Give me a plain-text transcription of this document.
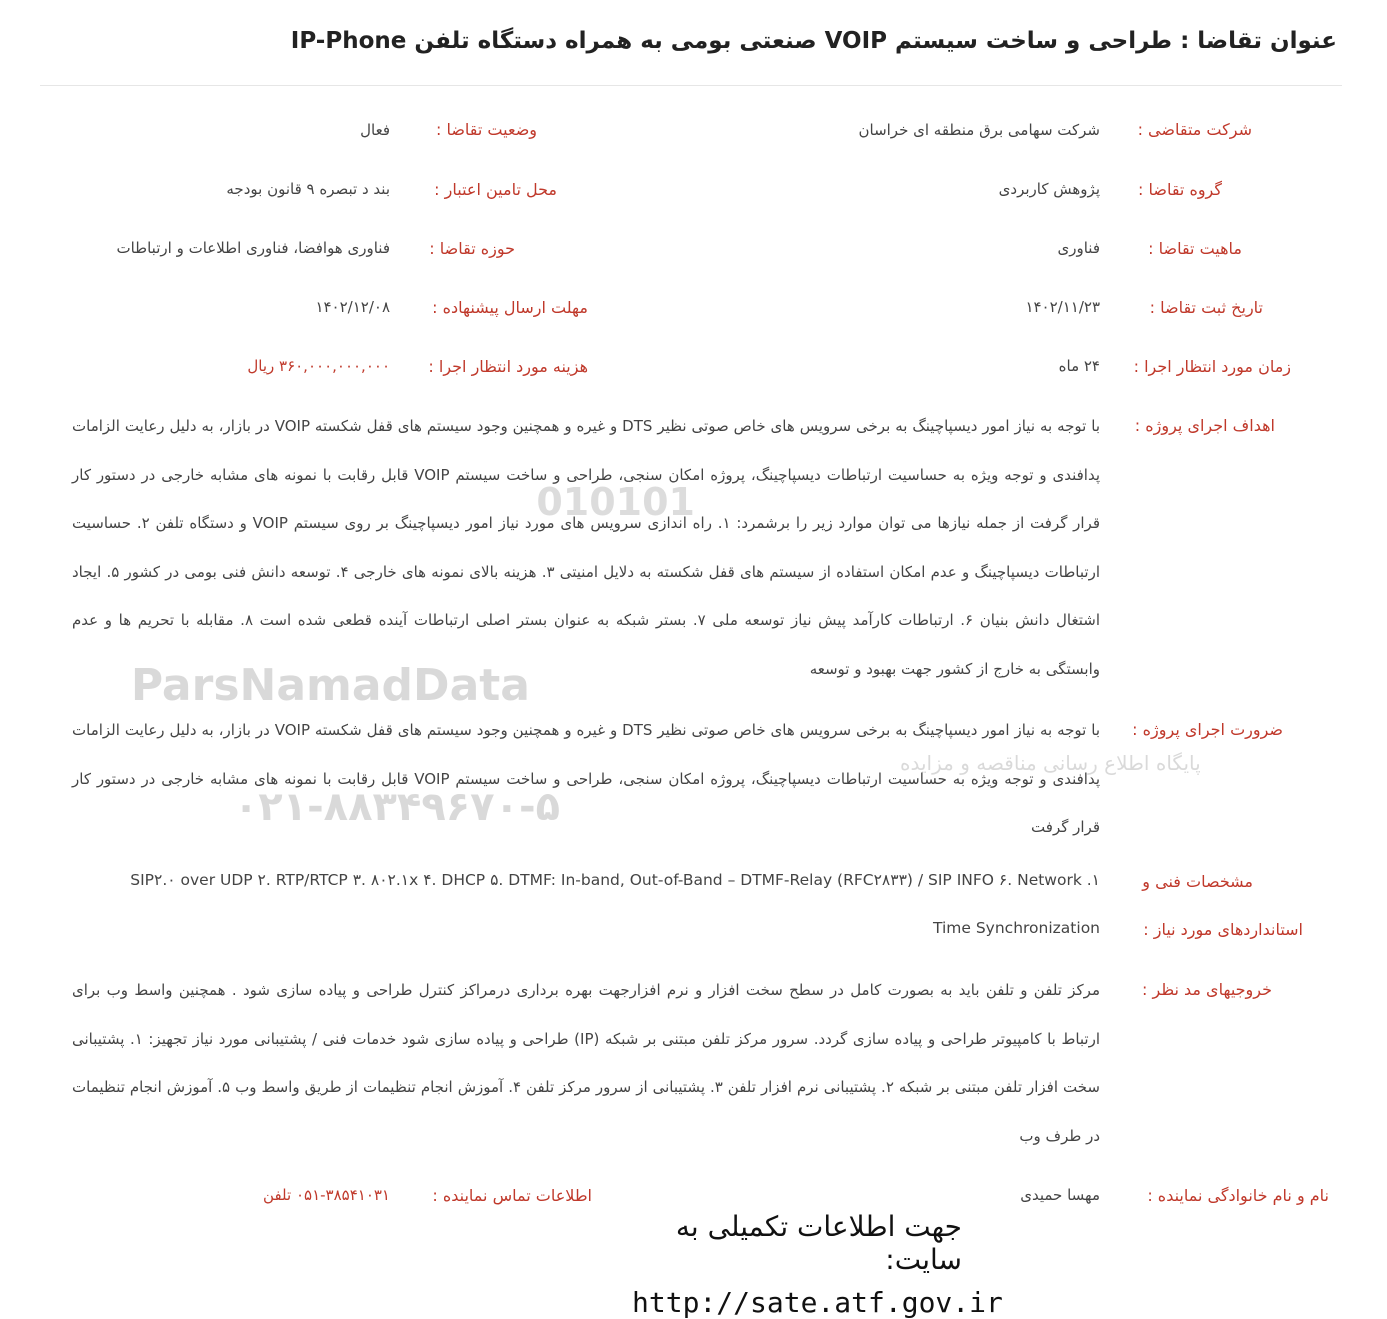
عنوان تقاضا : طراحی و ساخت سیستم VOIP صنعتی بومی به همراه دستگاه تلفن IP-Phone
شرکت متقاضی :
شرکت سهامی برق منطقه ای خراسان
وضعیت تقاضا :
فعال
گروه تقاضا :
پژوهش کاربردی
محل تامین اعتبار :
بند د تبصره ۹ قانون بودجه
ماهیت تقاضا :
فناوری
حوزه تقاضا :
فناوری هوافضا، فناوری اطلاعات و ارتباطات
تاریخ ثبت تقاضا :
۱۴۰۲/۱۱/۲۳
مهلت ارسال پیشنهاده :
۱۴۰۲/۱۲/۰۸
زمان مورد انتظار اجرا :
۲۴ ماه
هزینه مورد انتظار اجرا :
۳۶۰,۰۰۰,۰۰۰,۰۰۰ ریال
اهداف اجرای پروژه :
با توجه به نیاز امور دیسپاچینگ به برخی سرویس های خاص صوتی نظیر DTS و غیره و همچنین وجود سیستم های قفل شکسته VOIP در بازار، به دلیل رعایت الزامات پدافندی و توجه ویژه به حساسیت ارتباطات دیسپاچینگ، پروژه امکان سنجی، طراحی و ساخت سیستم VOIP قابل رقابت با نمونه های مشابه خارجی در دستور کار قرار گرفت از جمله نیازها می توان موارد زیر را برشمرد: ۱. راه اندازی سرویس های مورد نیاز امور دیسپاچینگ بر روی سیستم VOIP و دستگاه تلفن ۲. حساسیت ارتباطات دیسپاچینگ و عدم امکان استفاده از سیستم های قفل شکسته به دلایل امنیتی ۳. هزینه بالای نمونه های خارجی ۴. توسعه دانش فنی بومی در کشور ۵. ایجاد اشتغال دانش بنیان ۶. ارتباطات کارآمد پیش نیاز توسعه ملی ۷. بستر شبکه به عنوان بستر اصلی ارتباطات آینده قطعی شده است ۸. مقابله با تحریم ها و عدم وابستگی به خارج از کشور جهت بهبود و توسعه
ضرورت اجرای پروژه :
با توجه به نیاز امور دیسپاچینگ به برخی سرویس های خاص صوتی نظیر DTS و غیره و همچنین وجود سیستم های قفل شکسته VOIP در بازار، به دلیل رعایت الزامات پدافندی و توجه ویژه به حساسیت ارتباطات دیسپاچینگ، پروژه امکان سنجی، طراحی و ساخت سیستم VOIP قابل رقابت با نمونه های مشابه خارجی در دستور کار قرار گرفت
مشخصات فنی و
استانداردهای مورد نیاز :
۱. SIP۲.۰ over UDP ۲. RTP/RTCP ۳. ۸۰۲.۱x ۴. DHCP ۵. DTMF: In-band, Out-of-Band – DTMF-Relay (RFC۲۸۳۳) / SIP INFO ۶. Network
Time Synchronization
خروجیهای مد نظر :
مرکز تلفن و تلفن باید به بصورت کامل در سطح سخت افزار و نرم افزارجهت بهره برداری درمراکز کنترل طراحی و پیاده سازی شود . همچنین واسط وب برای ارتباط با کامپیوتر طراحی و پیاده سازی گردد. سرور مرکز تلفن مبتنی بر شبکه (IP) طراحی و پیاده سازی شود خدمات فنی / پشتیبانی مورد نیاز تجهیز: ۱. پشتیبانی سخت افزار تلفن مبتنی بر شبکه ۲. پشتیبانی نرم افزار تلفن ۳. پشتیبانی از سرور مرکز تلفن ۴. آموزش انجام تنظیمات از طریق واسط وب ۵. آموزش انجام تنظیمات در طرف وب
نام و نام خانوادگی نماینده :
مهسا حمیدی
اطلاعات تماس نماینده :
۰۵۱-۳۸۵۴۱۰۳۱ تلفن
010101
ParsNamadData
پایگاه اطلاع رسانی مناقصه و مزایده
۰۲۱-۸۸۳۴۹۶۷۰-۵
جهت اطلاعات تکمیلی به سایت:
http://sate.atf.gov.ir
